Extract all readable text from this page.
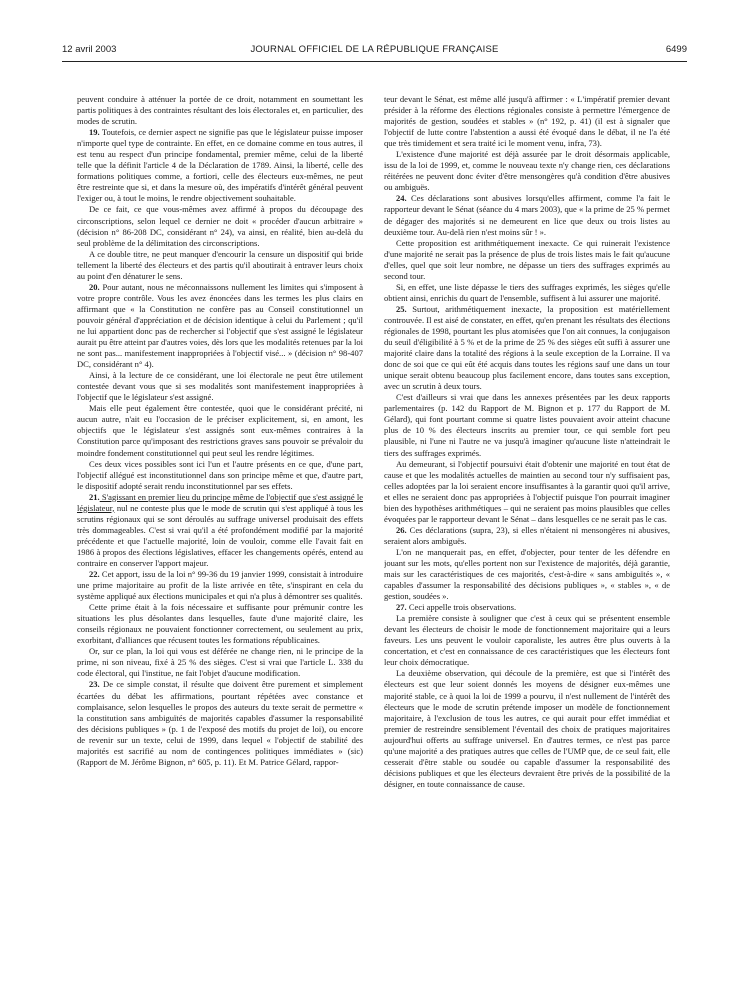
12 avril 2003	JOURNAL OFFICIEL DE LA RÉPUBLIQUE FRANÇAISE	6499

peuvent conduire à atténuer la portée de ce droit, notamment en soumettant les partis politiques à des contraintes résultant des lois électorales et, en particulier, des modes de scrutin.

19. Toutefois, ce dernier aspect ne signifie pas que le législateur puisse imposer n'importe quel type de contrainte. En effet, en ce domaine comme en tous autres, il est tenu au respect d'un principe fondamental, premier même, celui de la liberté telle que la définit l'article 4 de la Déclaration de 1789. Ainsi, la liberté, celle des formations politiques comme, a fortiori, celle des électeurs eux-mêmes, ne peut être restreinte que si, et dans la mesure où, des impératifs d'intérêt général peuvent l'exiger ou, à tout le moins, le rendre objectivement souhaitable.

De ce fait, ce que vous-mêmes avez affirmé à propos du découpage des circonscriptions, selon lequel ce dernier ne doit « procéder d'aucun arbitraire » (décision n° 86-208 DC, considérant n° 24), va ainsi, en réalité, bien au-delà du seul problème de la délimitation des circonscriptions.

A ce double titre, ne peut manquer d'encourir la censure un dispositif qui bride tellement la liberté des électeurs et des partis qu'il aboutirait à entraver leurs choix au point d'en dénaturer le sens.

20. Pour autant, nous ne méconnaissons nullement les limites qui s'imposent à votre propre contrôle. Vous les avez énoncées dans les termes les plus clairs en affirmant que « la Constitution ne confère pas au Conseil constitutionnel un pouvoir général d'appréciation et de décision identique à celui du Parlement ; qu'il ne lui appartient donc pas de rechercher si l'objectif que s'est assigné le législateur aurait pu être atteint par d'autres voies, dès lors que les modalités retenues par la loi ne sont pas... manifestement inappropriées à l'objectif visé... » (décision n° 98-407 DC, considérant n° 4).

Ainsi, à la lecture de ce considérant, une loi électorale ne peut être utilement contestée devant vous que si ses modalités sont manifestement inappropriées à l'objectif que le législateur s'est assigné.

Mais elle peut également être contestée, quoi que le considérant précité, ni aucun autre, n'ait eu l'occasion de le préciser explicitement, si, en amont, les objectifs que le législateur s'est assignés sont eux-mêmes contraires à la Constitution parce qu'imposant des restrictions graves sans pouvoir se prévaloir du moindre fondement constitutionnel qui peut seul les rendre légitimes.

Ces deux vices possibles sont ici l'un et l'autre présents en ce que, d'une part, l'objectif allégué est inconstitutionnel dans son principe même et que, d'autre part, le dispositif adopté serait rendu inconstitutionnel par ses effets.

21. S'agissant en premier lieu du principe même de l'objectif que s'est assigné le législateur, nul ne conteste plus que le mode de scrutin qui s'est appliqué à tous les scrutins régionaux qui se sont déroulés au suffrage universel produisait des effets très dommageables. C'est si vrai qu'il a été profondément modifié par la majorité précédente et que l'actuelle majorité, loin de vouloir, comme elle l'avait fait en 1986 à propos des élections législatives, effacer les changements opérés, entend au contraire en conserver l'apport majeur.

22. Cet apport, issu de la loi n° 99-36 du 19 janvier 1999, consistait à introduire une prime majoritaire au profit de la liste arrivée en tête, s'inspirant en cela du système appliqué aux élections municipales et qui n'a plus à démontrer ses qualités.

Cette prime était à la fois nécessaire et suffisante pour prémunir contre les situations les plus désolantes dans lesquelles, faute d'une majorité claire, les conseils régionaux ne pouvaient fonctionner correctement, ou seulement au prix, exorbitant, d'alliances que récusent toutes les formations républicaines.

Or, sur ce plan, la loi qui vous est déférée ne change rien, ni le principe de la prime, ni son niveau, fixé à 25 % des sièges. C'est si vrai que l'article L. 338 du code électoral, qui l'institue, ne fait l'objet d'aucune modification.

23. De ce simple constat, il résulte que doivent être purement et simplement écartées du débat les affirmations, pourtant répétées avec constance et complaisance, selon lesquelles le propos des auteurs du texte serait de permettre « la constitution sans ambiguïtés de majorités capables d'assumer la responsabilité des décisions publiques » (p. 1 de l'exposé des motifs du projet de loi), ou encore de revenir sur un texte, celui de 1999, dans lequel « l'objectif de stabilité des majorités est sacrifié au nom de contingences politiques immédiates » (sic) (Rapport de M. Jérôme Bignon, n° 605, p. 11). Et M. Patrice Gélard, rappor-

teur devant le Sénat, est même allé jusqu'à affirmer : « L'impératif premier devant présider à la réforme des élections régionales consiste à permettre l'émergence de majorités de gestion, soudées et stables » (n° 192, p. 41) (il est à signaler que l'objectif de lutte contre l'abstention a aussi été évoqué dans le débat, il ne l'a été que très timidement et sera traité ici le moment venu, infra, 73).

L'existence d'une majorité est déjà assurée par le droit désormais applicable, issu de la loi de 1999, et, comme le nouveau texte n'y change rien, ces déclarations réitérées ne peuvent donc éviter d'être mensongères qu'à condition d'être abusives ou ambiguës.

24. Ces déclarations sont abusives lorsqu'elles affirment, comme l'a fait le rapporteur devant le Sénat (séance du 4 mars 2003), que « la prime de 25 % permet de dégager des majorités si ne demeurent en lice que deux ou trois listes au deuxième tour. Au-delà rien n'est moins sûr ! ».

Cette proposition est arithmétiquement inexacte. Ce qui ruinerait l'existence d'une majorité ne serait pas la présence de plus de trois listes mais le fait qu'aucune d'elles, quel que soit leur nombre, ne dépasse un tiers des suffrages exprimés au second tour.

Si, en effet, une liste dépasse le tiers des suffrages exprimés, les sièges qu'elle obtient ainsi, enrichis du quart de l'ensemble, suffisent à lui assurer une majorité.

25. Surtout, arithmétiquement inexacte, la proposition est matériellement controuvée. Il est aisé de constater, en effet, qu'en prenant les résultats des élections régionales de 1998, pourtant les plus atomisées que l'on ait connues, la conjugaison du seuil d'éligibilité à 5 % et de la prime de 25 % des sièges eût suffi à assurer une majorité claire dans la totalité des régions à la seule exception de la Lorraine. Il va donc de soi que ce qui eût été acquis dans toutes les régions sauf une dans un tour unique serait obtenu beaucoup plus facilement encore, dans toutes sans exception, avec un scrutin à deux tours.

C'est d'ailleurs si vrai que dans les annexes présentées par les deux rapports parlementaires (p. 142 du Rapport de M. Bignon et p. 177 du Rapport de M. Gélard), qui font pourtant comme si quatre listes pouvaient avoir atteint chacune plus de 10 % des électeurs inscrits au premier tour, ce qui semble fort peu plausible, ni l'une ni l'autre ne va jusqu'à imaginer qu'aucune liste n'atteindrait le tiers des suffrages exprimés.

Au demeurant, si l'objectif poursuivi était d'obtenir une majorité en tout état de cause et que les modalités actuelles de maintien au second tour n'y suffisaient pas, celles adoptées par la loi seraient encore insuffisantes à la garantir quoi qu'il arrive, et elles ne seraient donc pas appropriées à l'objectif puisque l'on pourrait imaginer bien des hypothèses arithmétiques – qui ne seraient pas moins plausibles que celles évoquées par le rapporteur devant le Sénat – dans lesquelles ce ne serait pas le cas.

26. Ces déclarations (supra, 23), si elles n'étaient ni mensongères ni abusives, seraient alors ambiguës.

L'on ne manquerait pas, en effet, d'objecter, pour tenter de les défendre en jouant sur les mots, qu'elles portent non sur l'existence de majorités, déjà garantie, mais sur les caractéristiques de ces majorités, c'est-à-dire « sans ambiguïtés », « capables d'assumer la responsabilité des décisions publiques », « stables », « de gestion, soudées ».

27. Ceci appelle trois observations.

La première consiste à souligner que c'est à ceux qui se présentent ensemble devant les électeurs de choisir le mode de fonctionnement majoritaire qui a leurs faveurs. Les uns peuvent le vouloir caporaliste, les autres être plus ouverts à la concertation, et c'est en connaissance de ces caractéristiques que les électeurs font leur choix démocratique.

La deuxième observation, qui découle de la première, est que si l'intérêt des électeurs est que leur soient donnés les moyens de désigner eux-mêmes une majorité stable, ce à quoi la loi de 1999 a pourvu, il n'est nullement de l'intérêt des électeurs que le mode de scrutin prétende imposer un modèle de fonctionnement majoritaire, à l'exclusion de tous les autres, ce qui aurait pour effet immédiat et premier de restreindre sensiblement l'éventail des choix de pratiques majoritaires aujourd'hui offerts au suffrage universel. En d'autres termes, ce n'est pas parce qu'une majorité a des pratiques autres que celles de l'UMP que, de ce seul fait, elle cesserait d'être stable ou soudée ou capable d'assumer la responsabilité des décisions publiques et que les électeurs devraient être privés de la possibilité de la désigner, en toute connaissance de cause.
